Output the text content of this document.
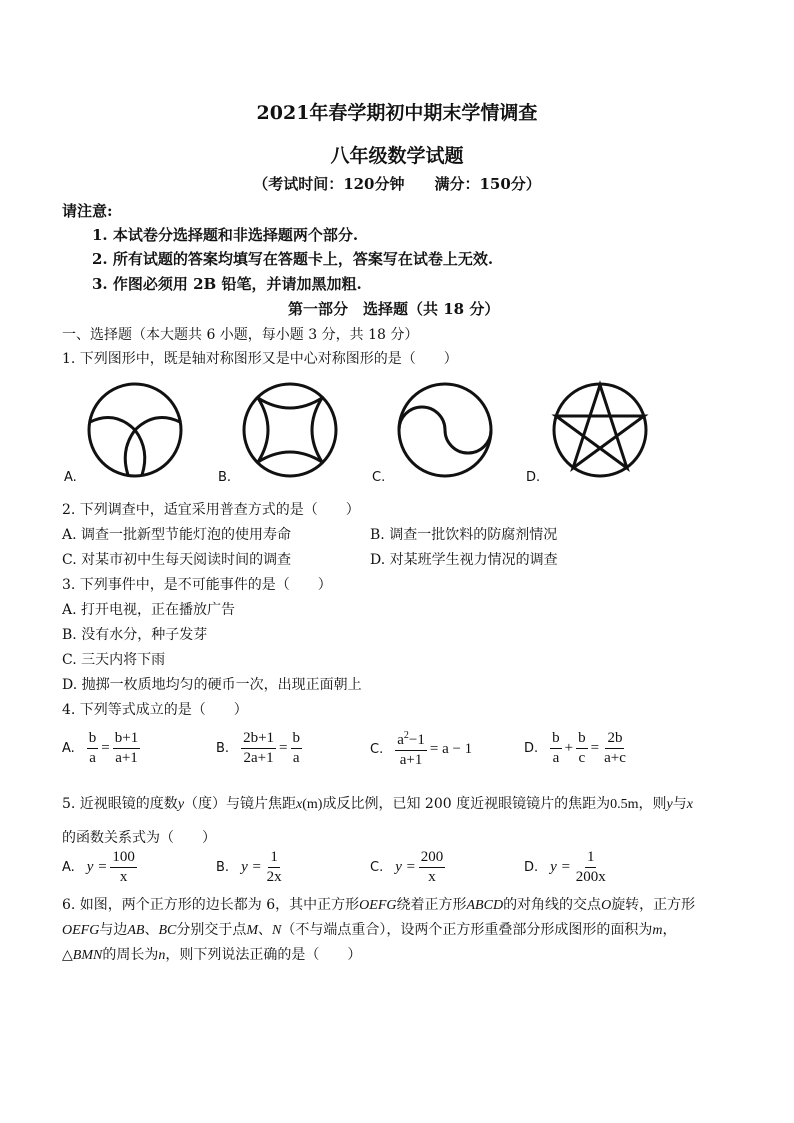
2021年春学期初中期末学情调查
八年级数学试题
（考试时间：120分钟　　满分：150分）
请注意:
1. 本试卷分选择题和非选择题两个部分.
2. 所有试题的答案均填写在答题卡上，答案写在试卷上无效.
3. 作图必须用 2B 铅笔，并请加黑加粗.
第一部分　选择题（共 18 分）
一、选择题（本大题共 6 小题，每小题 3 分，共 18 分）
1. 下列图形中，既是轴对称图形又是中心对称图形的是（　　）
A.	B.	C.	D.
2. 下列调查中，适宜采用普查方式的是（　　）
A. 调查一批新型节能灯泡的使用寿命	B. 调查一批饮料的防腐剂情况
C. 对某市初中生每天阅读时间的调查	D. 对某班学生视力情况的调查
3. 下列事件中，是不可能事件的是（　　）
A. 打开电视，正在播放广告
B. 没有水分，种子发芽
C. 三天内将下雨
D. 抛掷一枚质地均匀的硬币一次，出现正面朝上
4. 下列等式成立的是（　　）
A. $\frac{b}{a} = \frac{b+1}{a+1}$	B. $\frac{2b+1}{2a+1} = \frac{b}{a}$	C. $\frac{a^2-1}{a+1} = a - 1$	D. $\frac{b}{a} + \frac{b}{c} = \frac{2b}{a+c}$
5. 近视眼镜的度数y（度）与镜片焦距x(m)成反比例，已知 200 度近视眼镜镜片的焦距为0.5m，则y与x
的函数关系式为（　　）
A. $y = \frac{100}{x}$	B. $y = \frac{1}{2x}$	C. $y = \frac{200}{x}$	D. $y = \frac{1}{200x}$
6. 如图，两个正方形的边长都为 6，其中正方形OEFG绕着正方形ABCD的对角线的交点O旋转，正方形
OEFG与边AB、BC分别交于点M、N（不与端点重合），设两个正方形重叠部分形成图形的面积为m，
△BMN的周长为n，则下列说法正确的是（　　）
